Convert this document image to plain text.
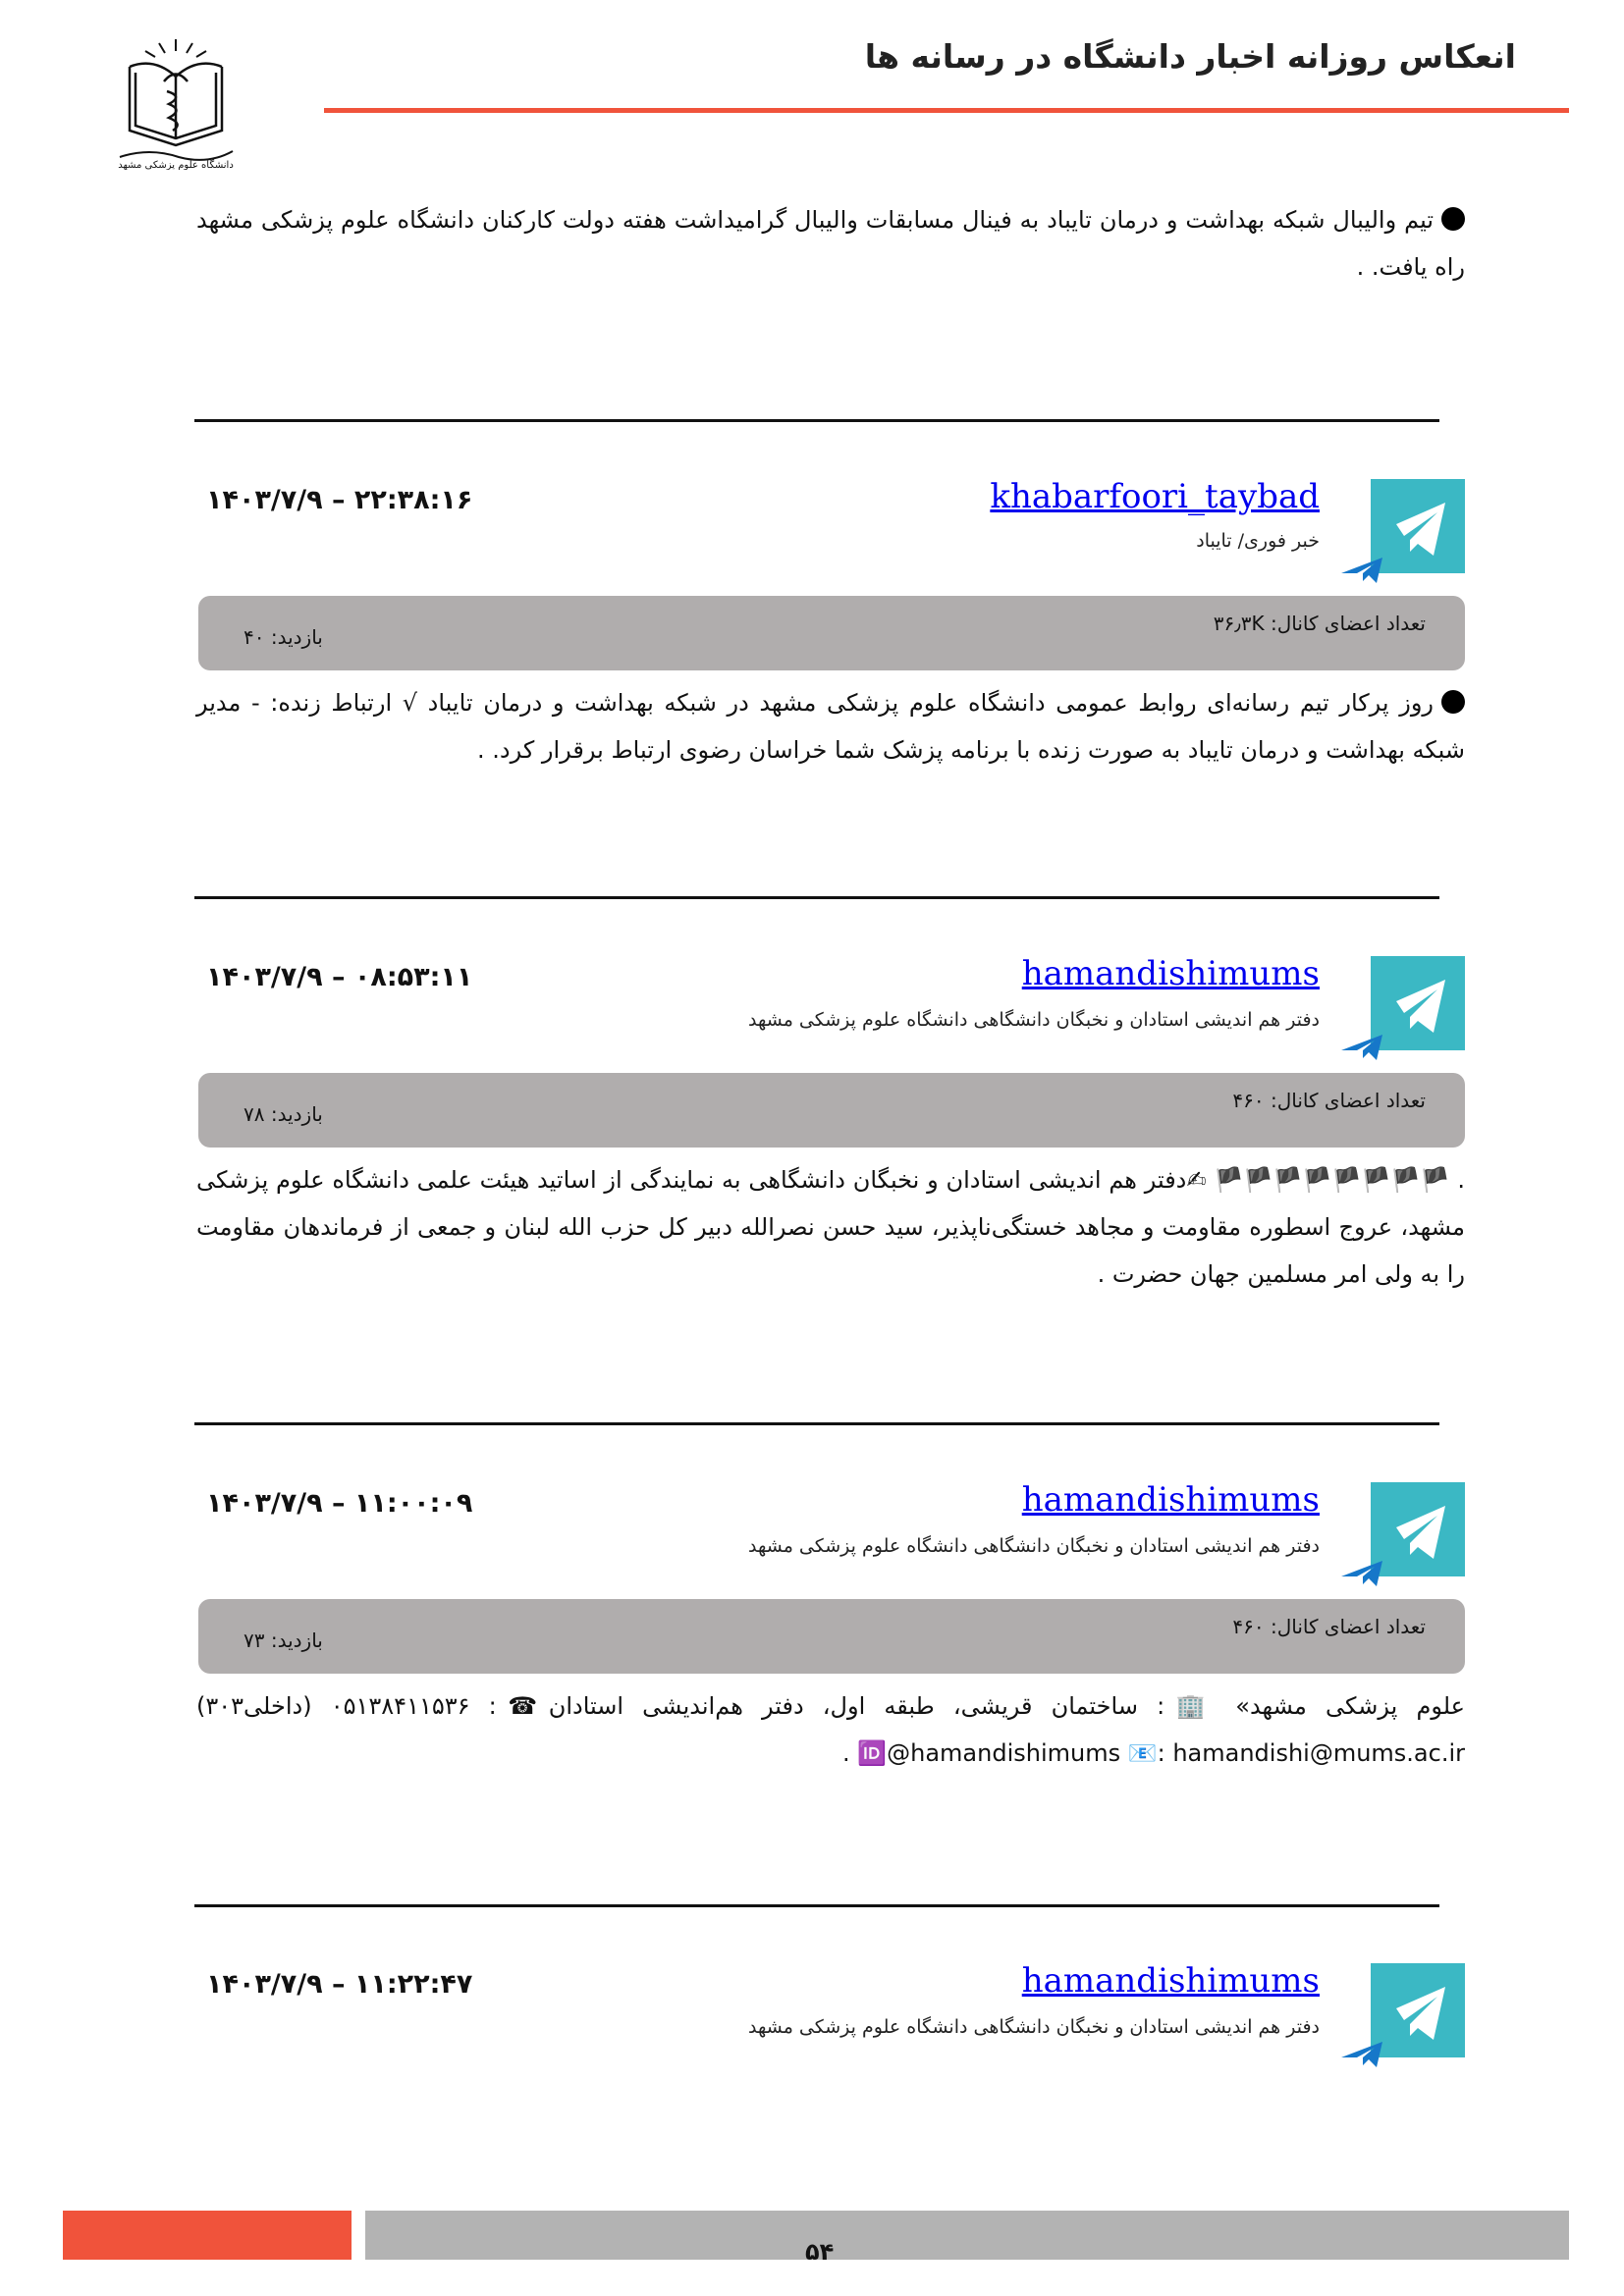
انعکاس روزانه اخبار دانشگاه در رسانه ها
دانشگاه علوم پزشکی مشهد
تیم والیبال شبکه بهداشت و درمان تایباد به فینال مسابقات والیبال گرامیداشت هفته دولت کارکنان دانشگاه علوم پزشکی مشهد راه یافت. .
khabarfoori_taybad
خبر فوری/ تایباد
۱۴۰۳/۷/۹ – ۲۲:۳۸:۱۶
تعداد اعضای کانال: ۳۶٫۳K
بازدید: ۴۰
روز پرکار تیم رسانه‌ای روابط عمومی دانشگاه علوم پزشکی مشهد در شبکه بهداشت و درمان تایباد √ ارتباط زنده: - مدیر شبکه بهداشت و درمان تایباد به صورت زنده با برنامه پزشک شما خراسان رضوی ارتباط برقرار کرد. .
hamandishimums
دفتر هم اندیشی استادان و نخبگان دانشگاهی دانشگاه علوم پزشکی مشهد
۱۴۰۳/۷/۹ – ۰۸:۵۳:۱۱
تعداد اعضای کانال: ۴۶۰
بازدید: ۷۸
. 🏴🏴🏴🏴🏴🏴🏴🏴 ✍دفتر هم اندیشی استادان و نخبگان دانشگاهی به نمایندگی از اساتید هیئت علمی دانشگاه علوم پزشکی مشهد، عروج اسطوره مقاومت و مجاهد خستگی‌ناپذیر، سید حسن نصرالله دبیر کل حزب الله لبنان و جمعی از فرماندهان مقاومت را به ولی امر مسلمین جهان حضرت .
hamandishimums
دفتر هم اندیشی استادان و نخبگان دانشگاهی دانشگاه علوم پزشکی مشهد
۱۴۰۳/۷/۹ – ۱۱:۰۰:۰۹
تعداد اعضای کانال: ۴۶۰
بازدید: ۷۳
علوم پزشکی مشهد» 🏢: ساختمان قریشی، طبقه اول، دفتر هم‌اندیشی استادان☎: ۰۵۱۳۸۴۱۱۵۳۶ (داخلی۳۰۳) 🆔@hamandishimums 📧: hamandishi@mums.ac.ir .
hamandishimums
دفتر هم اندیشی استادان و نخبگان دانشگاهی دانشگاه علوم پزشکی مشهد
۱۴۰۳/۷/۹ – ۱۱:۲۲:۴۷
۵۴
